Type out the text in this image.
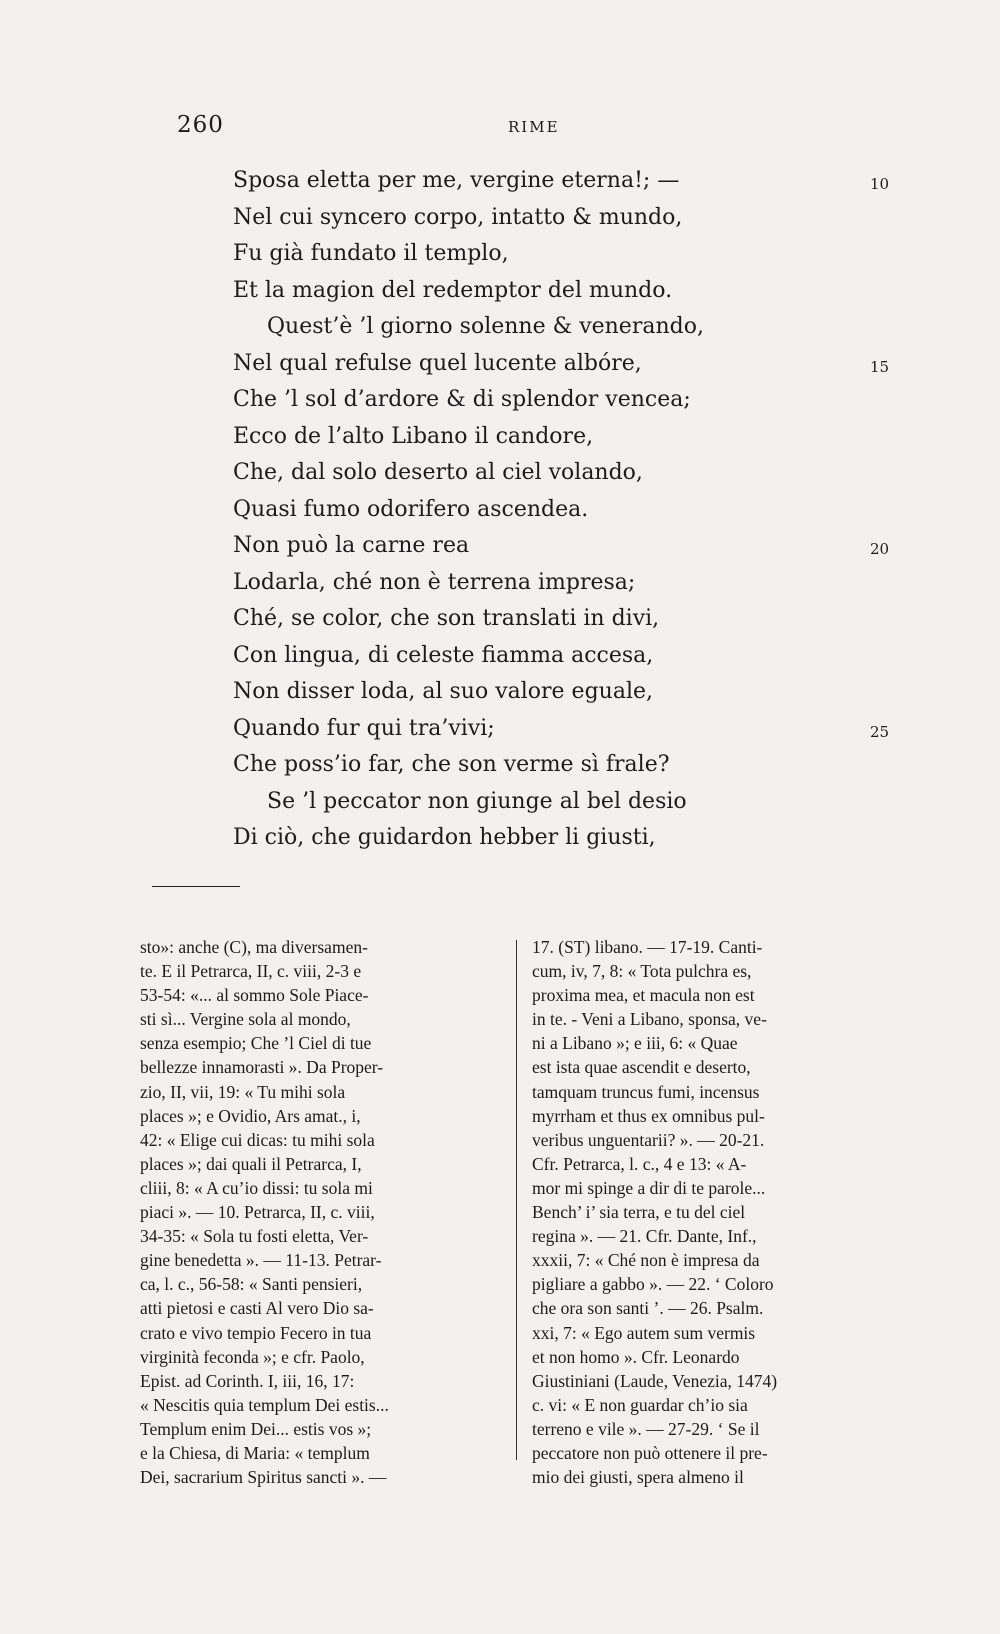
260	RIME
Sposa eletta per me, vergine eterna!; —	10
Nel cui syncero corpo, intatto & mundo,
Fu già fundato il templo,
Et la magion del redemptor del mundo.
Quest’è ’l giorno solenne & venerando,
Nel qual refulse quel lucente albóre,	15
Che ’l sol d’ardore & di splendor vencea;
Ecco de l’alto Libano il candore,
Che, dal solo deserto al ciel volando,
Quasi fumo odorifero ascendea.
Non può la carne rea	20
Lodarla, ché non è terrena impresa;
Ché, se color, che son translati in divi,
Con lingua, di celeste fiamma accesa,
Non disser loda, al suo valore eguale,
Quando fur qui tra’vivi;	25
Che poss’io far, che son verme sì frale?
Se ’l peccator non giunge al bel desio
Di ciò, che guidardon hebber li giusti,
sto»: anche (C), ma diversamen-
te. E il Petrarca, II, c. viii, 2-3 e
53-54: «... al sommo Sole Piace-
sti sì... Vergine sola al mondo,
senza esempio; Che ’l Ciel di tue
bellezze innamorasti ». Da Proper-
zio, II, vii, 19: « Tu mihi sola
places »; e Ovidio, Ars amat., i,
42: « Elige cui dicas: tu mihi sola
places »; dai quali il Petrarca, I,
cliii, 8: « A cu’io dissi: tu sola mi
piaci ». — 10. Petrarca, II, c. viii,
34-35: « Sola tu fosti eletta, Ver-
gine benedetta ». — 11-13. Petrar-
ca, l. c., 56-58: « Santi pensieri,
atti pietosi e casti Al vero Dio sa-
crato e vivo tempio Fecero in tua
virginità feconda »; e cfr. Paolo,
Epist. ad Corinth. I, iii, 16, 17:
« Nescitis quia templum Dei estis...
Templum enim Dei... estis vos »;
e la Chiesa, di Maria: « templum
Dei, sacrarium Spiritus sancti ». —
17. (ST) libano. — 17-19. Canti-
cum, iv, 7, 8: « Tota pulchra es,
proxima mea, et macula non est
in te. - Veni a Libano, sponsa, ve-
ni a Libano »; e iii, 6: « Quae
est ista quae ascendit e deserto,
tamquam truncus fumi, incensus
myrrham et thus ex omnibus pul-
veribus unguentarii? ». — 20-21.
Cfr. Petrarca, l. c., 4 e 13: « A-
mor mi spinge a dir di te parole...
Bench’ i’ sia terra, e tu del ciel
regina ». — 21. Cfr. Dante, Inf.,
xxxii, 7: « Ché non è impresa da
pigliare a gabbo ». — 22. ‘ Coloro
che ora son santi ’. — 26. Psalm.
xxi, 7: « Ego autem sum vermis
et non homo ». Cfr. Leonardo
Giustiniani (Laude, Venezia, 1474)
c. vi: « E non guardar ch’io sia
terreno e vile ». — 27-29. ‘ Se il
peccatore non può ottenere il pre-
mio dei giusti, spera almeno il
